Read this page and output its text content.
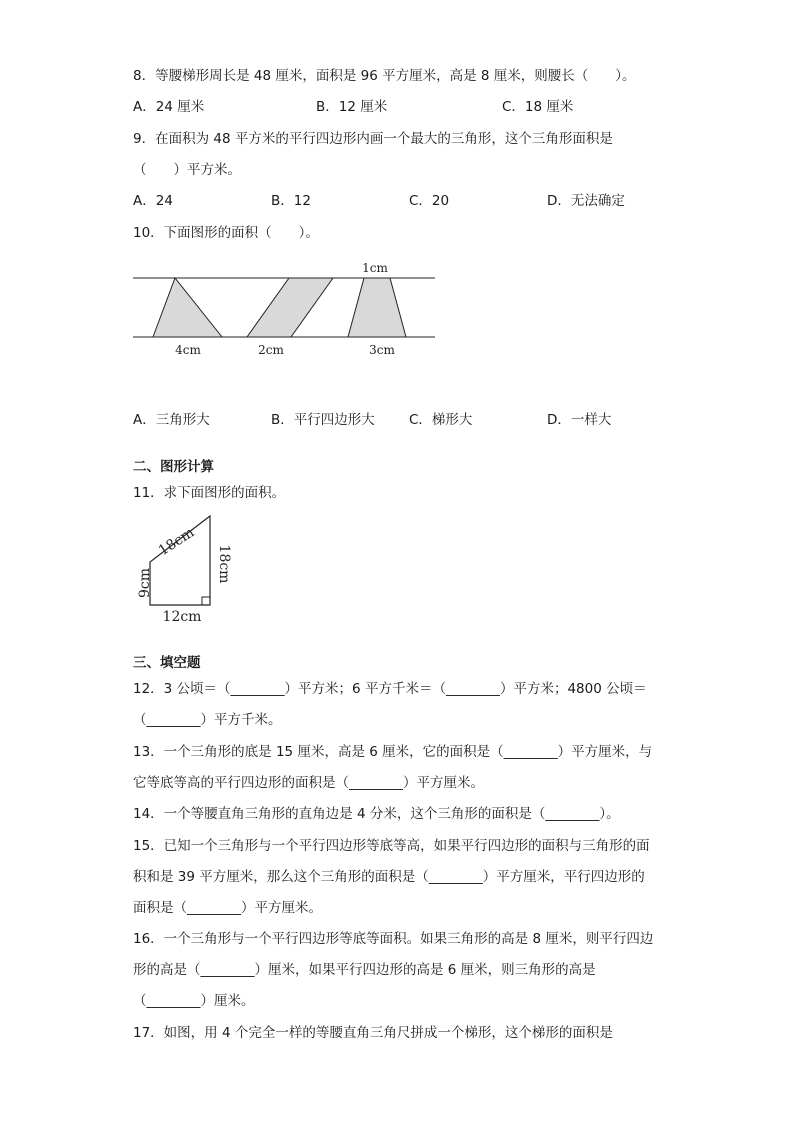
8．等腰梯形周长是 48 厘米，面积是 96 平方厘米，高是 8 厘米，则腰长（　　）。
A．24 厘米	B．12 厘米	C．18 厘米
9．在面积为 48 平方米的平行四边形内画一个最大的三角形，这个三角形面积是
（　　）平方米。
A．24	B．12	C．20	D．无法确定
10．下面图形的面积（　　）。
1cm
4cm	2cm	3cm
A．三角形大	B．平行四边形大	C．梯形大	D．一样大
二、图形计算
11．求下面图形的面积。
18cm
18cm
9cm
12cm
三、填空题
12．3 公顷＝（________）平方米；6 平方千米＝（________）平方米；4800 公顷＝
（________）平方千米。
13．一个三角形的底是 15 厘米，高是 6 厘米，它的面积是（________）平方厘米，与
它等底等高的平行四边形的面积是（________）平方厘米。
14．一个等腰直角三角形的直角边是 4 分米，这个三角形的面积是（________）。
15．已知一个三角形与一个平行四边形等底等高，如果平行四边形的面积与三角形的面
积和是 39 平方厘米，那么这个三角形的面积是（________）平方厘米，平行四边形的
面积是（________）平方厘米。
16．一个三角形与一个平行四边形等底等面积。如果三角形的高是 8 厘米，则平行四边
形的高是（________）厘米，如果平行四边形的高是 6 厘米，则三角形的高是
（________）厘米。
17．如图，用 4 个完全一样的等腰直角三角尺拼成一个梯形，这个梯形的面积是
